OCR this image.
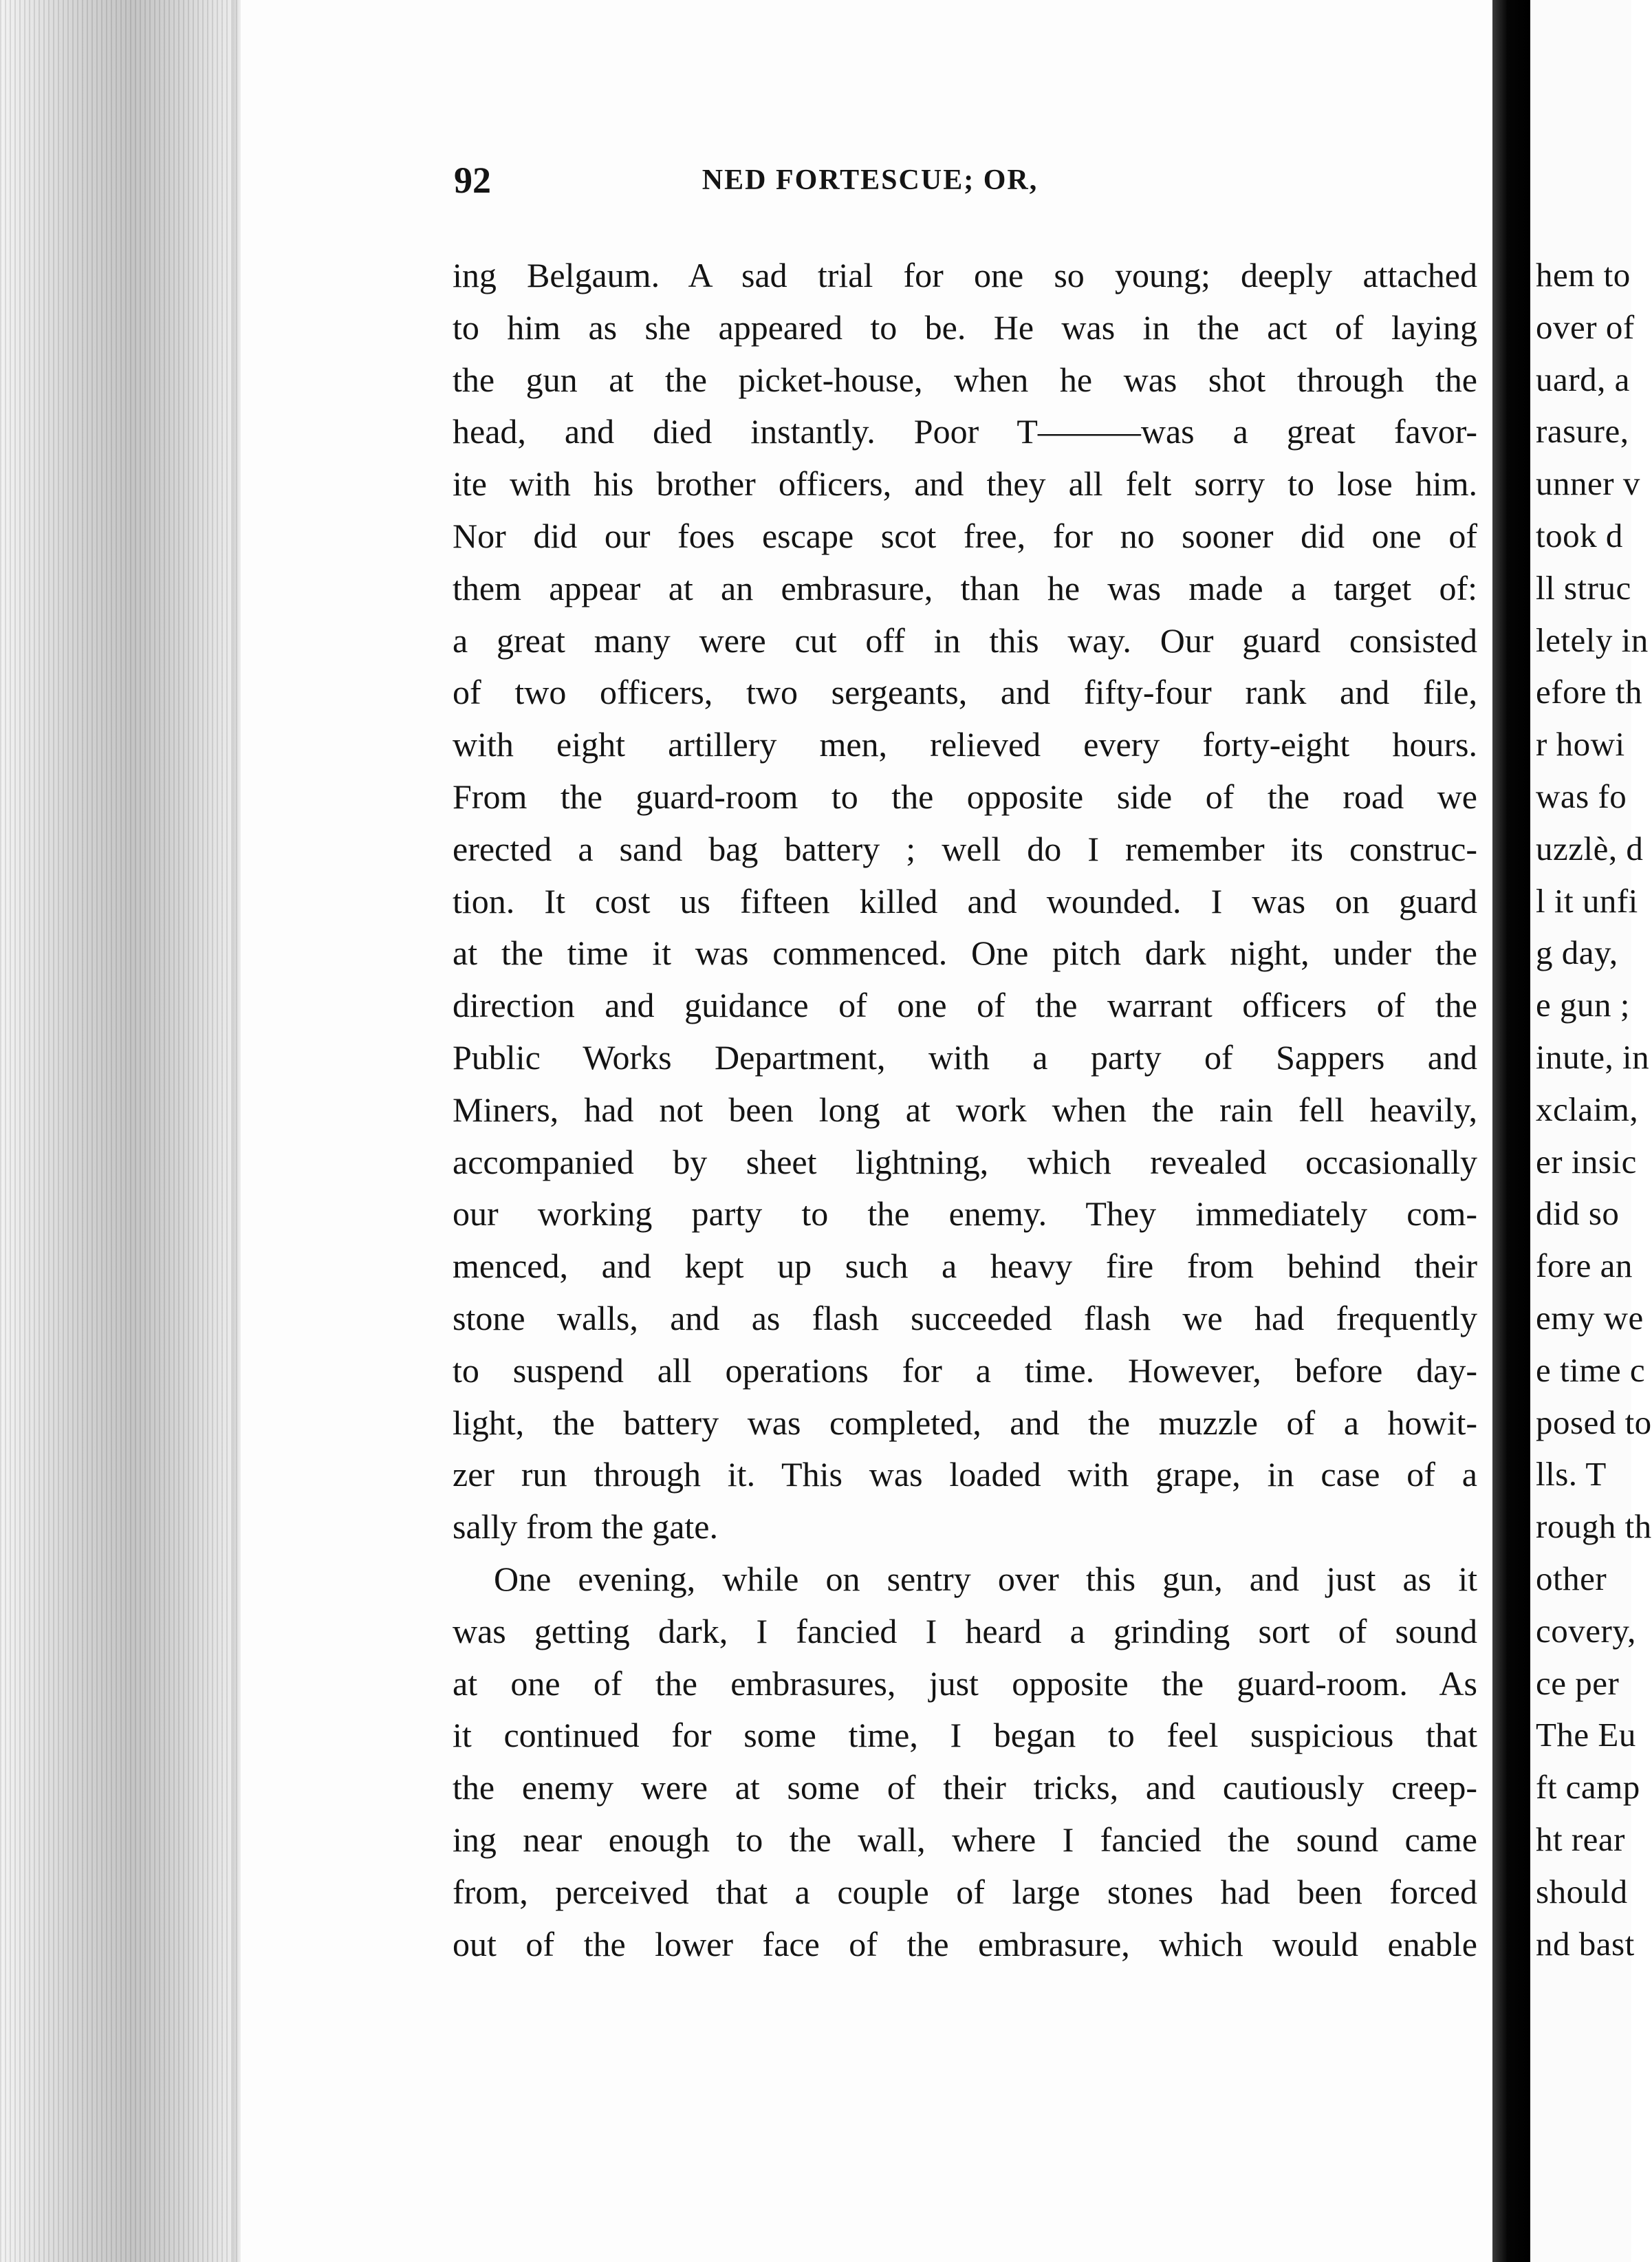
92	NED FORTESCUE; OR,
ing Belgaum. A sad trial for one so young; deeply attached
to him as she appeared to be. He was in the act of laying
the gun at the picket-house, when he was shot through the
head, and died instantly. Poor T———was a great favor-
ite with his brother officers, and they all felt sorry to lose him.
Nor did our foes escape scot free, for no sooner did one of
them appear at an embrasure, than he was made a target of:
a great many were cut off in this way. Our guard consisted
of two officers, two sergeants, and fifty-four rank and file,
with eight artillery men, relieved every forty-eight hours.
From the guard-room to the opposite side of the road we
erected a sand bag battery ; well do I remember its construc-
tion. It cost us fifteen killed and wounded. I was on guard
at the time it was commenced. One pitch dark night, under the
direction and guidance of one of the warrant officers of the
Public Works Department, with a party of Sappers and
Miners, had not been long at work when the rain fell heavily,
accompanied by sheet lightning, which revealed occasionally
our working party to the enemy. They immediately com-
menced, and kept up such a heavy fire from behind their
stone walls, and as flash succeeded flash we had frequently
to suspend all operations for a time. However, before day-
light, the battery was completed, and the muzzle of a howit-
zer run through it. This was loaded with grape, in case of a
sally from the gate.
One evening, while on sentry over this gun, and just as it
was getting dark, I fancied I heard a grinding sort of sound
at one of the embrasures, just opposite the guard-room. As
it continued for some time, I began to feel suspicious that
the enemy were at some of their tricks, and cautiously creep-
ing near enough to the wall, where I fancied the sound came
from, perceived that a couple of large stones had been forced
out of the lower face of the embrasure, which would enable
hem to
over of
uard, a
rasure,
unner v
took d
ll struc
letely in
efore th
r howi
was fo
uzzlè, d
l it unfi
g day,
e gun ;
inute, in
xclaim,
er insic
did so
fore an
emy we
e time c
posed to
lls. T
rough th
other
covery,
ce per
The Eu
ft camp
ht rear
should
nd bast
